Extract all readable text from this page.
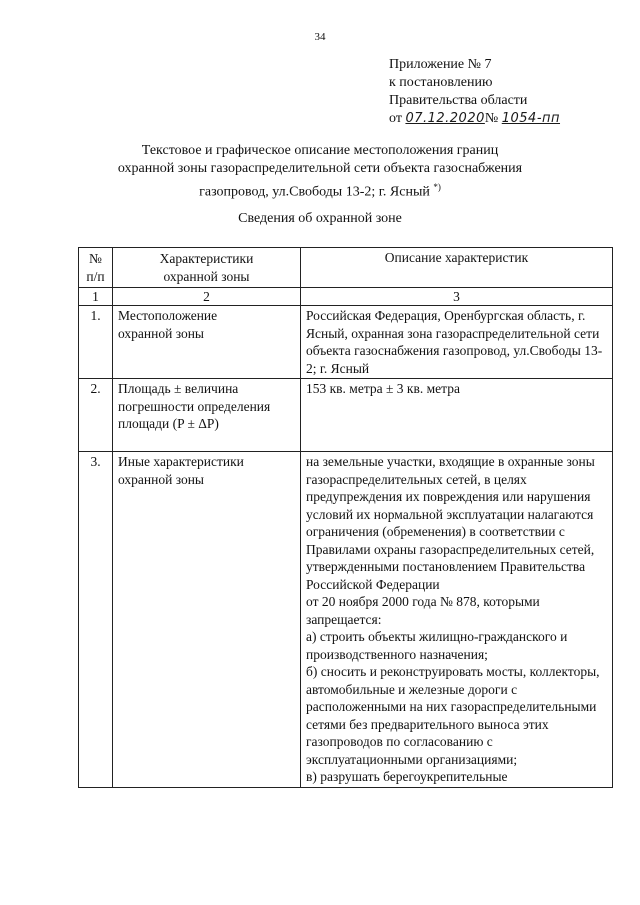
34
Приложение № 7
к постановлению
Правительства области
от 07.12.2020№ 1054-пп
Текстовое и графическое описание местоположения границ
охранной зоны газораспределительной сети объекта газоснабжения
газопровод, ул.Свободы 13-2; г. Ясный *)
Сведения об охранной зоне
№ п/п	Характеристики охранной зоны	Описание характеристик
1	2	3
1.	Местоположение охранной зоны	Российская Федерация, Оренбургская область, г. Ясный, охранная зона газораспределительной сети объекта газоснабжения газопровод, ул.Свободы 13-2; г. Ясный
2.	Площадь ± величина погрешности определения площади (P ± ΔP)	153 кв. метра ± 3 кв. метра
3.	Иные характеристики охранной зоны	на земельные участки, входящие в охранные зоны газораспределительных сетей, в целях предупреждения их повреждения или нарушения условий их нормальной эксплуатации налагаются ограничения (обременения) в соответствии с Правилами охраны газораспределительных сетей, утвержденными постановлением Правительства Российской Федерации
от 20 ноября 2000 года № 878, которыми запрещается:
а) строить объекты жилищно-гражданского и производственного назначения;
б) сносить и реконструировать мосты, коллекторы, автомобильные и железные дороги с расположенными на них газораспределительными сетями без предварительного выноса этих газопроводов по согласованию с эксплуатационными организациями;
в) разрушать берегоукрепительные
